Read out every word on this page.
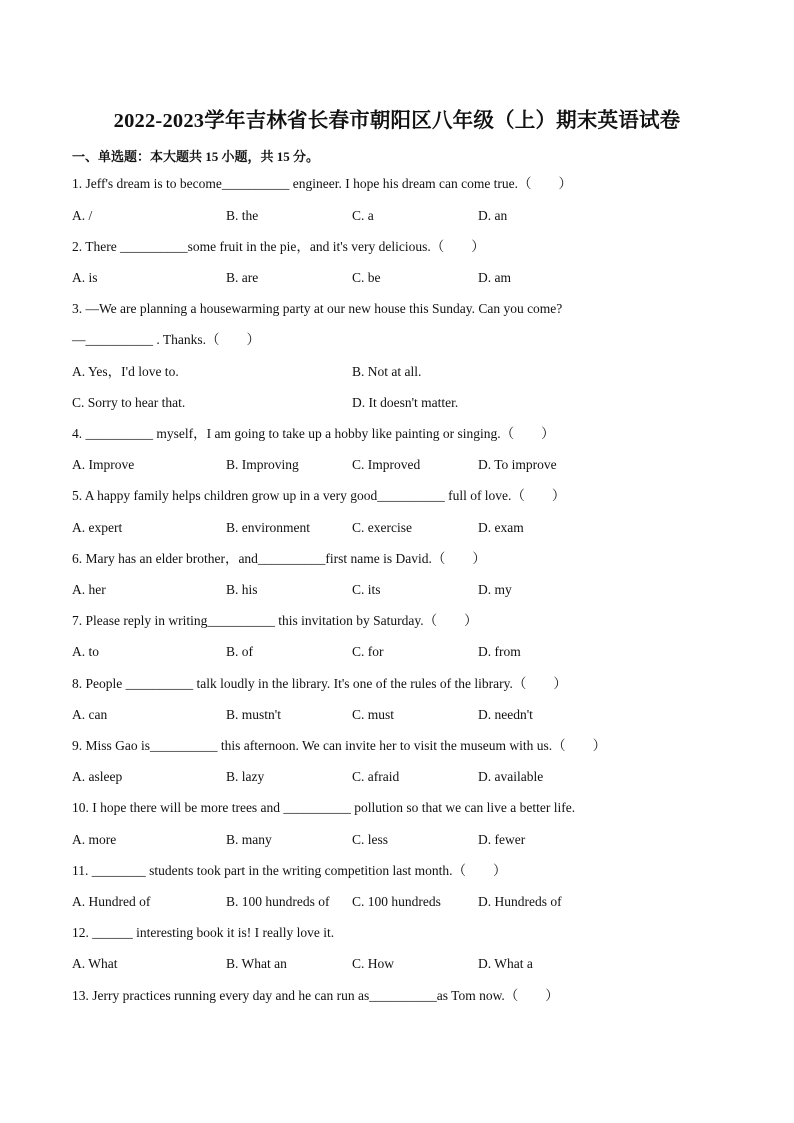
2022-2023学年吉林省长春市朝阳区八年级（上）期末英语试卷
一、单选题：本大题共 15 小题，共 15 分。
1. Jeff's dream is to become__________ engineer. I hope his dream can come true.（　　）
A. /	B. the	C. a	D. an
2. There __________some fruit in the pie，and it's very delicious.（　　）
A. is	B. are	C. be	D. am
3. —We are planning a housewarming party at our new house this Sunday. Can you come?
—__________ . Thanks.（　　）
A. Yes，I'd love to.	B. Not at all.
C. Sorry to hear that.	D. It doesn't matter.
4. __________ myself，I am going to take up a hobby like painting or singing.（　　）
A. Improve	B. Improving	C. Improved	D. To improve
5. A happy family helps children grow up in a very good__________ full of love.（　　）
A. expert	B. environment	C. exercise	D. exam
6. Mary has an elder brother，and__________first name is David.（　　）
A. her	B. his	C. its	D. my
7. Please reply in writing__________ this invitation by Saturday.（　　）
A. to	B. of	C. for	D. from
8. People __________ talk loudly in the library. It's one of the rules of the library.（　　）
A. can	B. mustn't	C. must	D. needn't
9. Miss Gao is__________ this afternoon. We can invite her to visit the museum with us.（　　）
A. asleep	B. lazy	C. afraid	D. available
10. I hope there will be more trees and __________ pollution so that we can live a better life.
A. more	B. many	C. less	D. fewer
11. ________ students took part in the writing competition last month.（　　）
A. Hundred of	B. 100 hundreds of C. 100 hundreds	D. Hundreds of
12. ______ interesting book it is! I really love it.
A. What	B. What an	C. How	D. What a
13. Jerry practices running every day and he can run as__________as Tom now.（　　）
